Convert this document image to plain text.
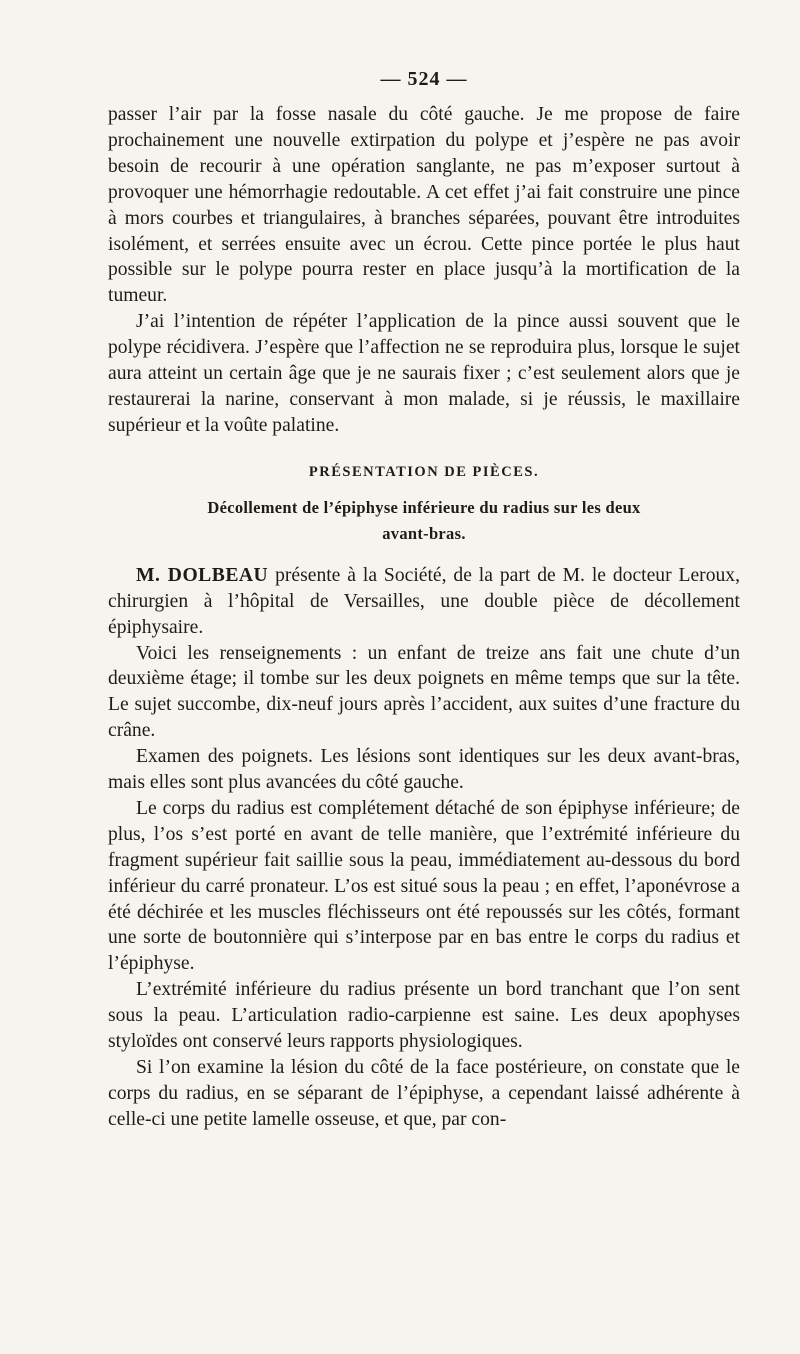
— 524 —

passer l’air par la fosse nasale du côté gauche. Je me propose de faire prochainement une nouvelle extirpation du polype et j’espère ne pas avoir besoin de recourir à une opération sanglante, ne pas m’exposer surtout à provoquer une hémorrhagie redoutable. A cet effet j’ai fait construire une pince à mors courbes et triangulaires, à branches séparées, pouvant être introduites isolément, et serrées ensuite avec un écrou. Cette pince portée le plus haut possible sur le polype pourra rester en place jusqu’à la mortification de la tumeur.

J’ai l’intention de répéter l’application de la pince aussi souvent que le polype récidivera. J’espère que l’affection ne se reproduira plus, lorsque le sujet aura atteint un certain âge que je ne saurais fixer ; c’est seulement alors que je restaurerai la narine, conservant à mon malade, si je réussis, le maxillaire supérieur et la voûte palatine.

PRÉSENTATION DE PIÈCES.
Décollement de l’épiphyse inférieure du radius sur les deux
avant-bras.

M. DOLBEAU présente à la Société, de la part de M. le docteur Leroux, chirurgien à l’hôpital de Versailles, une double pièce de décollement épiphysaire.

Voici les renseignements : un enfant de treize ans fait une chute d’un deuxième étage; il tombe sur les deux poignets en même temps que sur la tête. Le sujet succombe, dix-neuf jours après l’accident, aux suites d’une fracture du crâne.

Examen des poignets. Les lésions sont identiques sur les deux avant-bras, mais elles sont plus avancées du côté gauche.

Le corps du radius est complétement détaché de son épiphyse inférieure; de plus, l’os s’est porté en avant de telle manière, que l’extrémité inférieure du fragment supérieur fait saillie sous la peau, immédiatement au-dessous du bord inférieur du carré pronateur. L’os est situé sous la peau ; en effet, l’aponévrose a été déchirée et les muscles fléchisseurs ont été repoussés sur les côtés, formant une sorte de boutonnière qui s’interpose par en bas entre le corps du radius et l’épiphyse.

L’extrémité inférieure du radius présente un bord tranchant que l’on sent sous la peau. L’articulation radio-carpienne est saine. Les deux apophyses styloïdes ont conservé leurs rapports physiologiques.

Si l’on examine la lésion du côté de la face postérieure, on constate que le corps du radius, en se séparant de l’épiphyse, a cependant laissé adhérente à celle-ci une petite lamelle osseuse, et que, par con-
